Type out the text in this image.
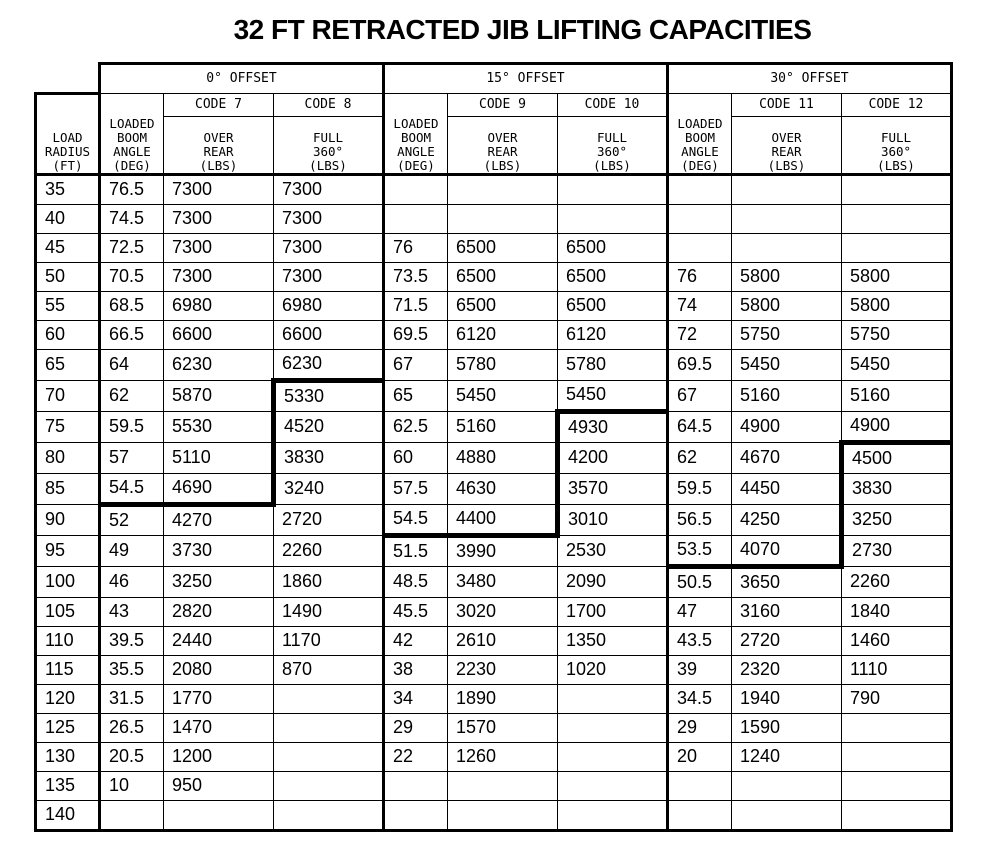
32 FT RETRACTED JIB LIFTING CAPACITIES
	0° OFFSET			15° OFFSET			30° OFFSET		

LOAD
RADIUS
(FT)	LOADED
BOOM
ANGLE
(DEG)	CODE 7	CODE 8	LOADED
BOOM
ANGLE
(DEG)	CODE 9	CODE 10	LOADED
BOOM
ANGLE
(DEG)	CODE 11	CODE 12

		OVER
REAR
(LBS)	FULL
360°
(LBS)		OVER
REAR
(LBS)	FULL
360°
(LBS)		OVER
REAR
(LBS)	FULL
360°
(LBS)

35	76.5	7300	7300						
40	74.5	7300	7300						
45	72.5	7300	7300	76	6500	6500			
50	70.5	7300	7300	73.5	6500	6500	76	5800	5800
55	68.5	6980	6980	71.5	6500	6500	74	5800	5800
60	66.5	6600	6600	69.5	6120	6120	72	5750	5750
65	64	6230	6230	67	5780	5780	69.5	5450	5450
70	62	5870	5330	65	5450	5450	67	5160	5160
75	59.5	5530	4520	62.5	5160	4930	64.5	4900	4900
80	57	5110	3830	60	4880	4200	62	4670	4500
85	54.5	4690	3240	57.5	4630	3570	59.5	4450	3830
90	52	4270	2720	54.5	4400	3010	56.5	4250	3250
95	49	3730	2260	51.5	3990	2530	53.5	4070	2730
100	46	3250	1860	48.5	3480	2090	50.5	3650	2260
105	43	2820	1490	45.5	3020	1700	47	3160	1840
110	39.5	2440	1170	42	2610	1350	43.5	2720	1460
115	35.5	2080	870	38	2230	1020	39	2320	1110
120	31.5	1770		34	1890		34.5	1940	790
125	26.5	1470		29	1570		29	1590	
130	20.5	1200		22	1260		20	1240	
135	10	950							
140									
